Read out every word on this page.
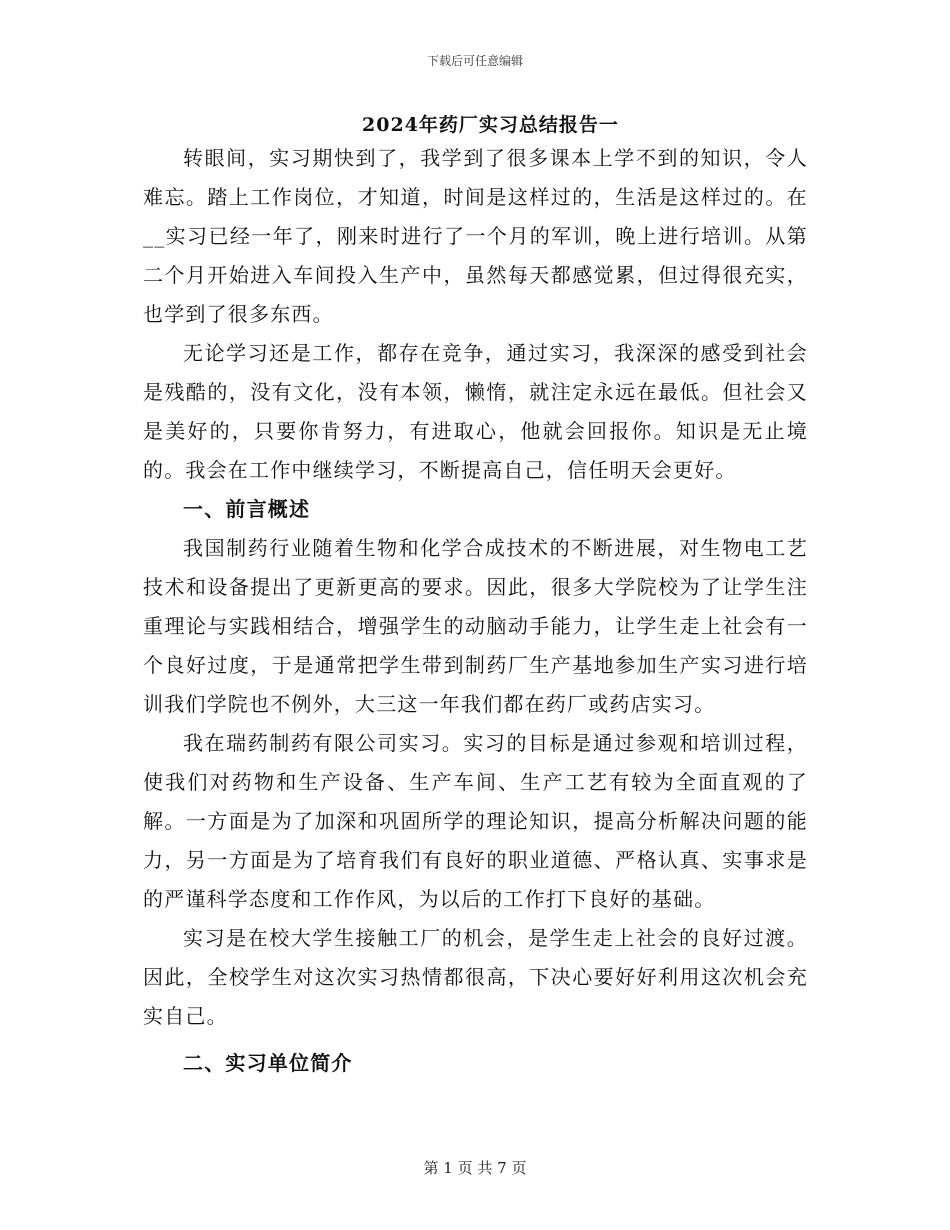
下载后可任意编辑
2024年药厂实习总结报告一

转眼间，实习期快到了，我学到了很多课本上学不到的知识，令人难忘。踏上工作岗位，才知道，时间是这样过的，生活是这样过的。在__实习已经一年了，刚来时进行了一个月的军训，晚上进行培训。从第二个月开始进入车间投入生产中，虽然每天都感觉累，但过得很充实，也学到了很多东西。

无论学习还是工作，都存在竞争，通过实习，我深深的感受到社会是残酷的，没有文化，没有本领，懒惰，就注定永远在最低。但社会又是美好的，只要你肯努力，有进取心，他就会回报你。知识是无止境的。我会在工作中继续学习，不断提高自己，信任明天会更好。

一、前言概述

我国制药行业随着生物和化学合成技术的不断进展，对生物电工艺技术和设备提出了更新更高的要求。因此，很多大学院校为了让学生注重理论与实践相结合，增强学生的动脑动手能力，让学生走上社会有一个良好过度，于是通常把学生带到制药厂生产基地参加生产实习进行培训我们学院也不例外，大三这一年我们都在药厂或药店实习。

我在瑞药制药有限公司实习。实习的目标是通过参观和培训过程，使我们对药物和生产设备、生产车间、生产工艺有较为全面直观的了解。一方面是为了加深和巩固所学的理论知识，提高分析解决问题的能力，另一方面是为了培育我们有良好的职业道德、严格认真、实事求是的严谨科学态度和工作作风，为以后的工作打下良好的基础。

实习是在校大学生接触工厂的机会，是学生走上社会的良好过渡。因此，全校学生对这次实习热情都很高，下决心要好好利用这次机会充实自己。

二、实习单位简介
第 1 页 共 7 页
